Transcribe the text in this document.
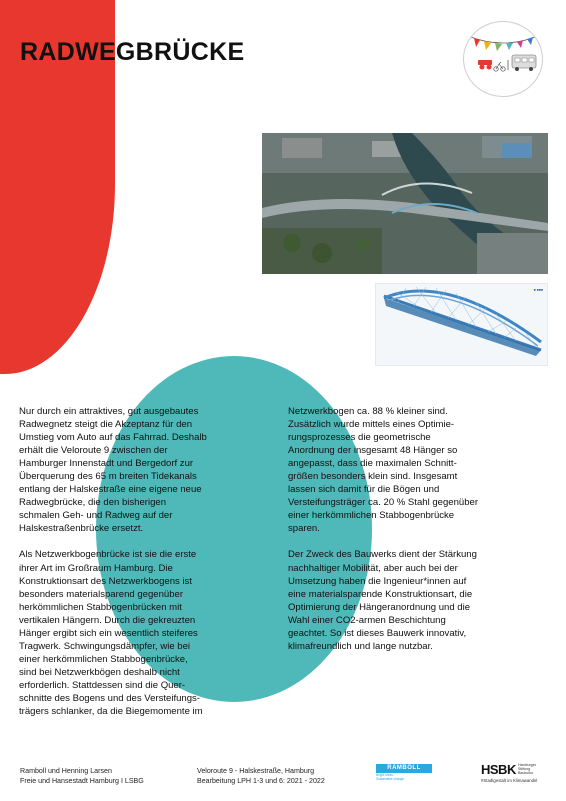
RADWEGBRÜCKE
■ ■■■

Nur durch ein attraktives, gut ausgebautes
Radwegnetz steigt die Akzeptanz für den
Umstieg vom Auto auf das Fahrrad. Deshalb
erhält die Veloroute 9 zwischen der
Hamburger Innenstadt und Bergedorf zur
Überquerung des 65 m breiten Tidekanals
entlang der Halskestraße eine eigene neue
Radwegbrücke, die den bisherigen
schmalen Geh- und Radweg auf der
Halskestraßenbrücke ersetzt.

Als Netzwerkbogenbrücke ist sie die erste
ihrer Art im Großraum Hamburg. Die
Konstruktionsart des Netzwerkbogens ist
besonders materialsparend gegenüber
herkömmlichen Stabbogenbrücken mit
vertikalen Hängern. Durch die gekreuzten
Hänger ergibt sich ein wesentlich steiferes
Tragwerk. Schwingungsdämpfer, wie bei
einer herkömmlichen Stabbogenbrücke,
sind bei Netzwerkbögen deshalb nicht
erforderlich. Stattdessen sind die Quer-
schnitte des Bogens und des Versteifungs-
trägers schlanker, da die Biegemomente im

Netzwerkbogen ca. 88 % kleiner sind.
Zusätzlich wurde mittels eines Optimie-
rungsprozesses die geometrische
Anordnung der insgesamt 48 Hänger so
angepasst, dass die maximalen Schnitt-
größen besonders klein sind. Insgesamt
lassen sich damit für die Bögen und
Versteifungsträger ca. 20 % Stahl gegenüber
einer herkömmlichen Stabbogenbrücke
sparen.

Der Zweck des Bauwerks dient der Stärkung
nachhaltiger Mobilität, aber auch bei der
Umsetzung haben die Ingenieur*innen auf
eine materialsparende Konstruktionsart, die
Optimierung der Hängeranordnung und die
Wahl einer CO2-armen Beschichtung
geachtet. So ist dieses Bauwerk innovativ,
klimafreundlich und lange nutzbar.

Ramboll und Henning Larsen
Freie und Hansestadt Hamburg I LSBG
Veloroute 9 - Halskestraße, Hamburg
Bearbeitung LPH 1-3 und 6: 2021 - 2022
RAMBOLL
Bright ideas.
Sustainable change.
HSBK Hamburger
Stiftung
Baukultur
#Stadtgestalt im Klimawandel
